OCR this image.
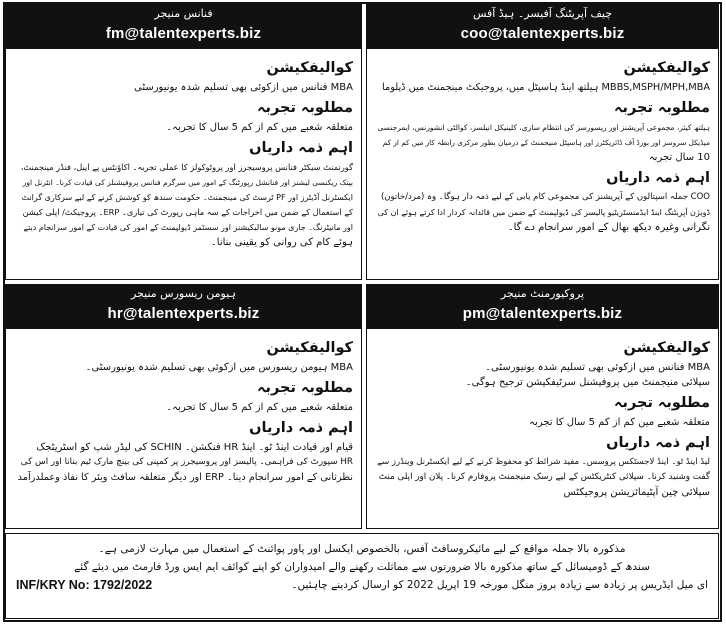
چیف آپریٹنگ آفیسر۔ ہیڈ آفس
coo@talentexperts.biz
کوالیفکیشن
MBBS,MSPH/MPH,MBA ہیلتھ اینڈ ہاسپٹل میں، پروجیکٹ مینجمنٹ میں ڈپلوما
مطلوبہ تجربہ
ہیلتھ کیئر، مجموعی آپریشنز اور ریسورسز کی انتظام سازی، کلینیکل انیلسز، کوالٹی انشورنس، ایمرجنسی
میڈیکل سروسز اور بورڈ آف ڈائریکٹرز اور ہاسپٹل منیجمنٹ کے درمیان بطور مرکزی رابطہ کار میں کم از کم
10 سال تجربہ
اہم ذمہ داریاں
COO جملہ اسپتالوں کے آپریشنز کی مجموعی کام یابی کے لیے ذمہ دار ہوگا۔ وہ (مرد/خاتون)
ڈویژن آپریٹنگ اینڈ ایڈمنسٹریٹیو پالیسز کی ڈیولپمنٹ کے ضمن میں قائدانہ کردار ادا کرتے ہوئے ان کی
نگرانی وغیرہ دیکھ بھال کے امور سرانجام دے گا۔
فنانس منیجر
fm@talentexperts.biz
کوالیفکیشن
MBA فنانس میں ازکوئی بھی تسلیم شدہ یونیورسٹی
مطلوبہ تجربہ
متعلقہ شعبے میں کم از کم 5 سال کا تجربہ۔
اہم ذمہ داریاں
گورنمنٹ سیکٹر فنانس پروسیجرز اور پروٹوکولز کا عملی تجربہ۔ اکاؤنٹس پے ایبل، فنڈز مینجمنٹ،
بینک ریکنسی لیشنز اور فنانشل رپورٹنگ کے امور میں سرگرم فنانس پروفیشنلز کی قیادت کرنا۔ انٹرنل اور
ایکسٹرنل آڈیٹرز اور PF ٹرسٹ کی مینجمنٹ۔ حکومت سندھ کو کوشش کرنے کے لیے سرکاری گرانٹ
کے استعمال کے ضمن میں اخراجات کے سہ ماہی رپورٹ کی تیاری۔ ERP۔ پروجیکٹ/ اپلی کیشن
اور مانیٹرنگ۔ جاری مونو سالیکیشنز اور سسٹمز ڈیولپمنٹ کے امور کی قیادت کے امور سرانجام دیتے
ہوئے کام کی روانی کو یقینی بنانا۔
پروکیورمنٹ منیجر
pm@talentexperts.biz
کوالیفکیشن
MBA فنانس میں ازکوئی بھی تسلیم شدہ یونیورسٹی۔
سپلائی منیجمنٹ میں پروفیشنل سرٹیفکیشن ترجیح ہوگی۔
مطلوبہ تجربہ
متعلقہ شعبے میں کم از کم 5 سال کا تجربہ
اہم ذمہ داریاں
لیڈ اینڈ ٹو۔ اینڈ لاجسٹکس پروسس۔ مفید شرائط کو محفوظ کرنے کے لیے ایکسٹرنل وینڈرز سے
گفت وشنید کرنا۔ سپلائی کنٹریکٹس کے لیے رسک منیجمنٹ پروفارم کرنا۔ پلان اور اپلی منٹ
سپلائی چین آپٹیمائزیشن پروجیکٹس
ہیومن ریسورس منیجر
hr@talentexperts.biz
کوالیفکیشن
MBA ہیومن ریسورس میں ازکوئی بھی تسلیم شدہ یونیورسٹی۔
مطلوبہ تجربہ
متعلقہ شعبے میں کم از کم 5 سال کا تجربہ۔
اہم ذمہ داریاں
قیام اور قیادت اینڈ ٹو۔ اینڈ HR فنکشن۔ SCHIN کی لیڈر شپ کو اسٹریٹجک
HR سپورٹ کی فراہمی۔ پالیسز اور پروسیجرز پر کمپنی کی بینچ مارک ٹیم بنانا اور اس کی
نظرثانی کے امور سرانجام دینا۔ ERP اور دیگر متعلقہ سافٹ ویئر کا نفاذ وعملدرآمد
مذکورہ بالا جملہ مواقع کے لیے مائیکروسافٹ آفس، بالخصوص ایکسل اور پاور پوائنٹ کے استعمال میں مہارت لازمی ہے۔
سندھ کے ڈومیسائل کے ساتھ مذکورہ بالا ضرورتوں سے مماثلت رکھنے والے امیدواران کو اپنے کوائف ایم ایس ورڈ فارمٹ میں دیئے گئے
ای میل ایڈریس پر زیادہ سے زیادہ بروز منگل مورخہ 19 اپریل 2022 کو ارسال کردینے چاہئیں۔
INF/KRY No: 1792/2022
